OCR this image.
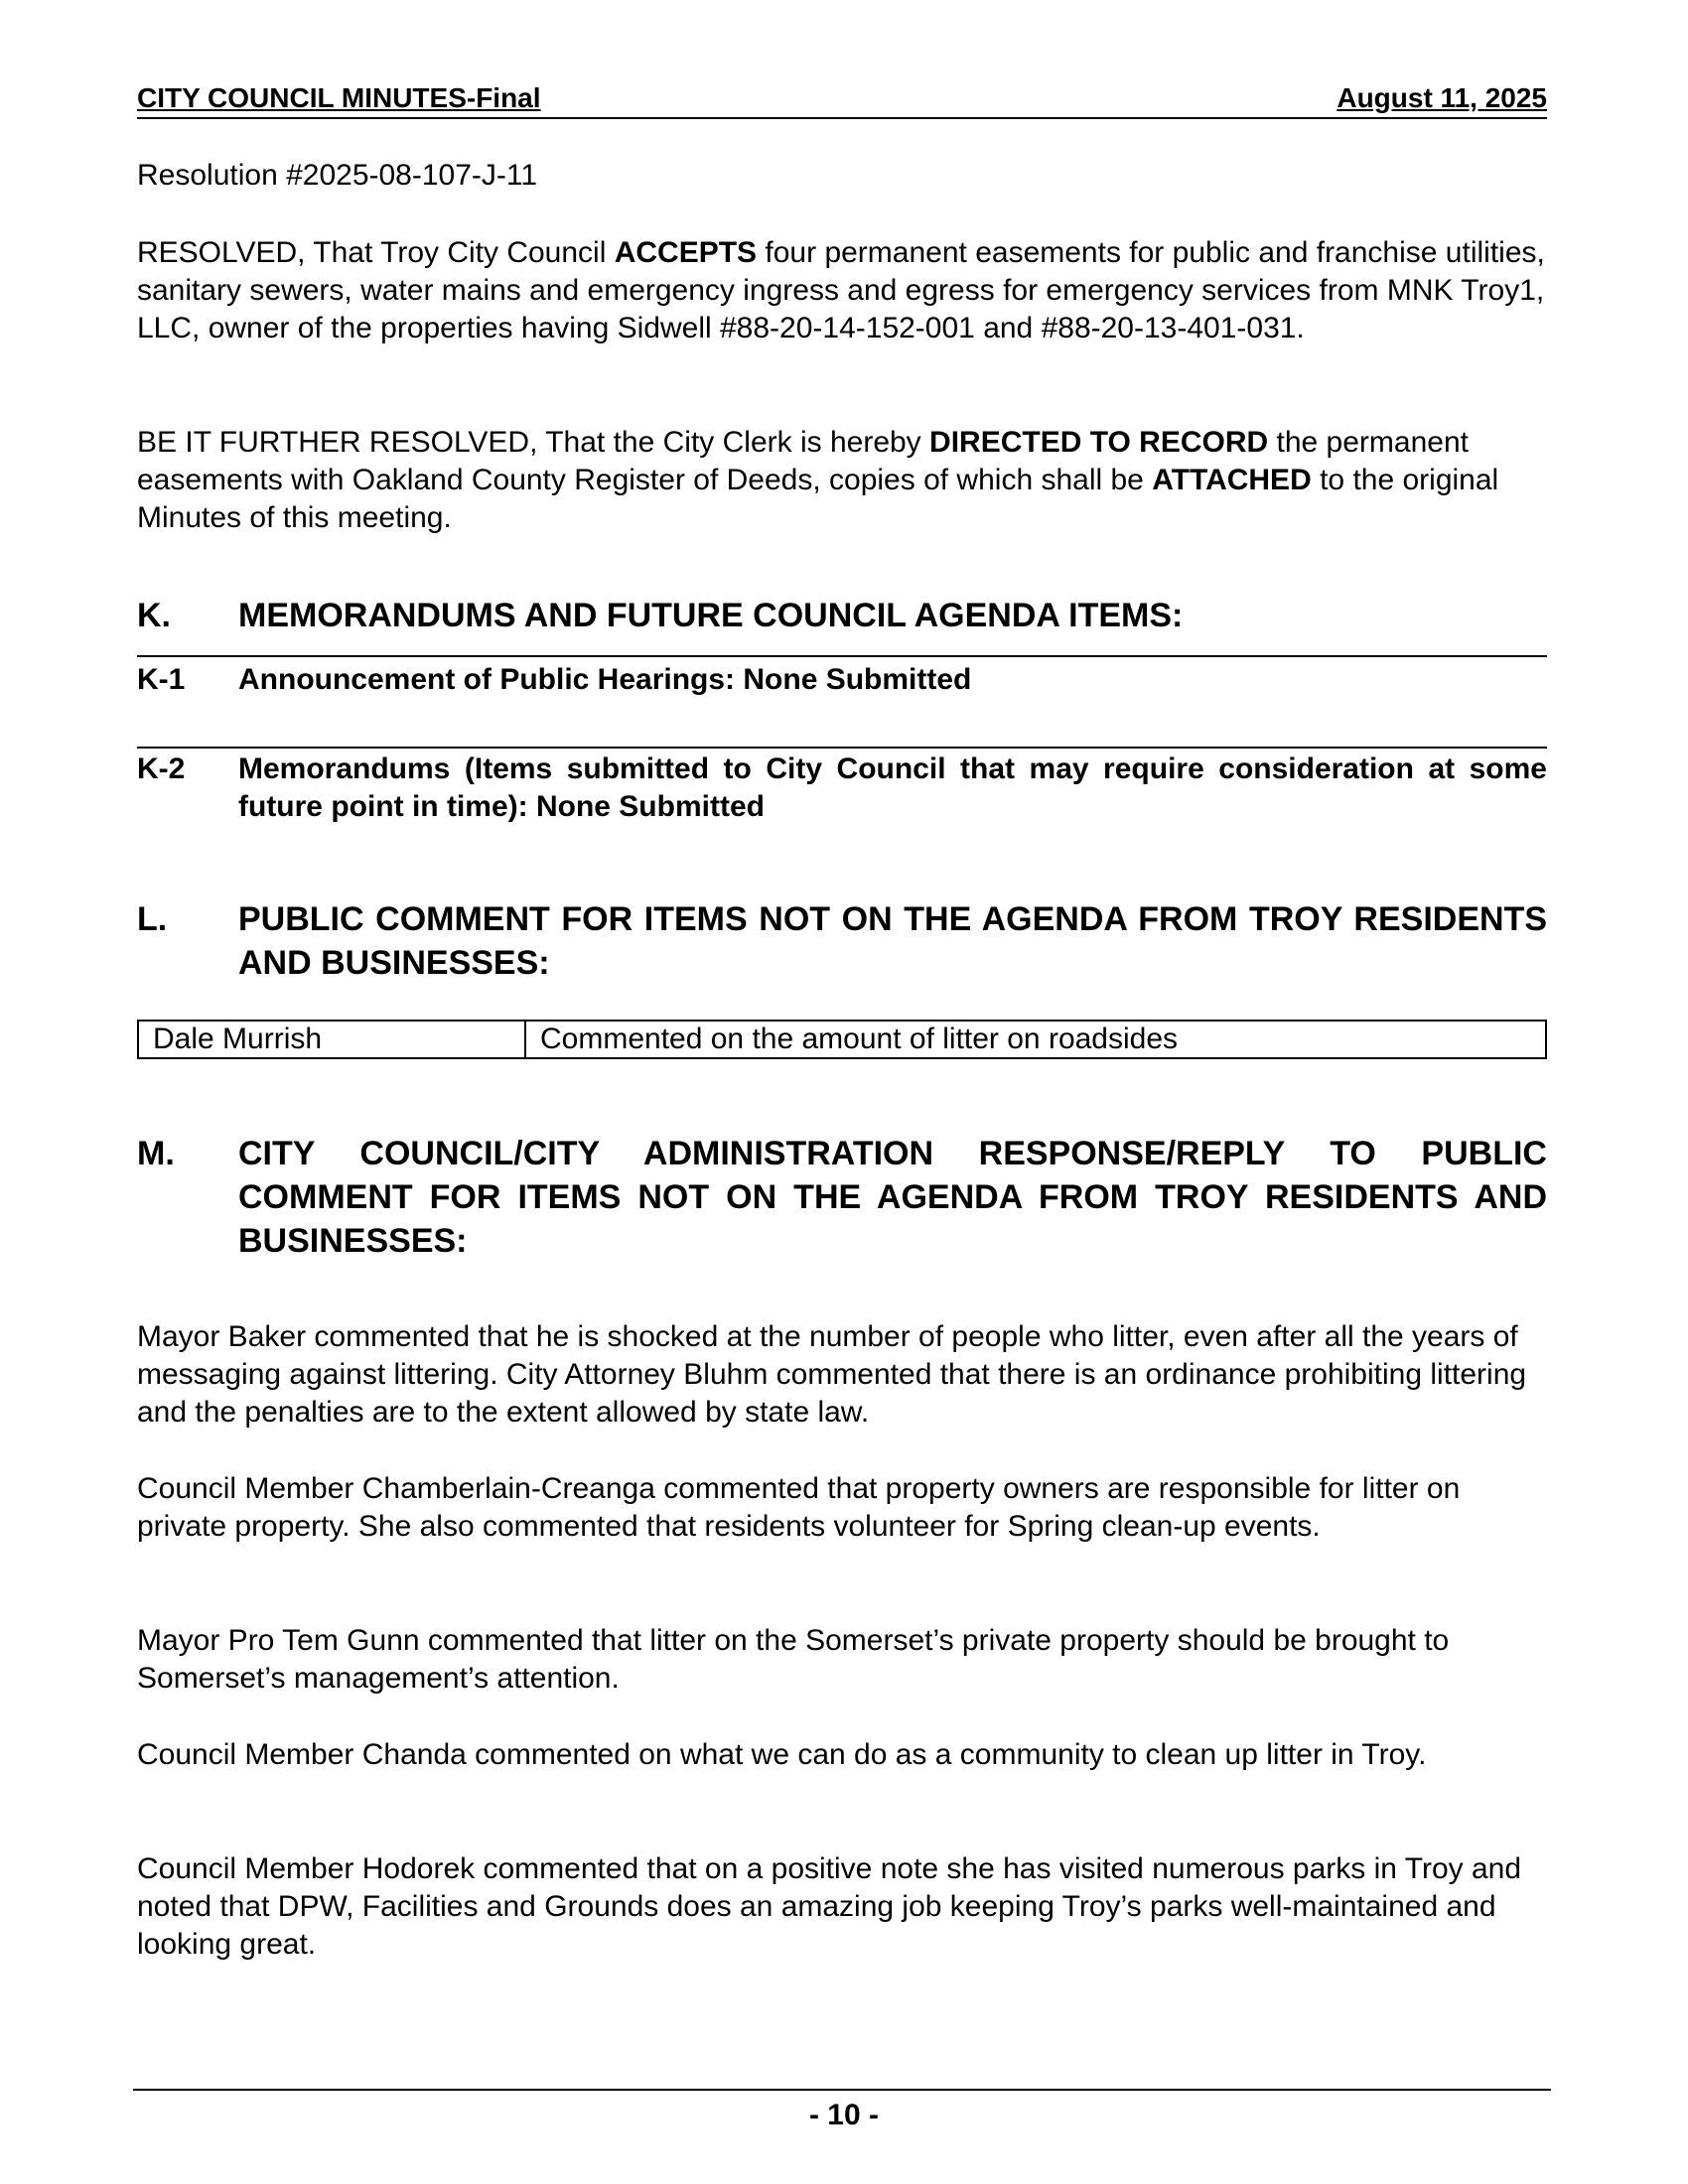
CITY COUNCIL MINUTES-Final	August 11, 2025
Resolution #2025-08-107-J-11
RESOLVED, That Troy City Council ACCEPTS four permanent easements for public and franchise utilities, sanitary sewers, water mains and emergency ingress and egress for emergency services from MNK Troy1, LLC, owner of the properties having Sidwell #88-20-14-152-001 and #88-20-13-401-031.
BE IT FURTHER RESOLVED, That the City Clerk is hereby DIRECTED TO RECORD the permanent easements with Oakland County Register of Deeds, copies of which shall be ATTACHED to the original Minutes of this meeting.
K. MEMORANDUMS AND FUTURE COUNCIL AGENDA ITEMS:
K-1 Announcement of Public Hearings: None Submitted
K-2 Memorandums (Items submitted to City Council that may require consideration at some future point in time): None Submitted
L. PUBLIC COMMENT FOR ITEMS NOT ON THE AGENDA FROM TROY RESIDENTS AND BUSINESSES:
Dale Murrish	Commented on the amount of litter on roadsides
M. CITY COUNCIL/CITY ADMINISTRATION RESPONSE/REPLY TO PUBLIC COMMENT FOR ITEMS NOT ON THE AGENDA FROM TROY RESIDENTS AND BUSINESSES:
Mayor Baker commented that he is shocked at the number of people who litter, even after all the years of messaging against littering. City Attorney Bluhm commented that there is an ordinance prohibiting littering and the penalties are to the extent allowed by state law.
Council Member Chamberlain-Creanga commented that property owners are responsible for litter on private property. She also commented that residents volunteer for Spring clean-up events.
Mayor Pro Tem Gunn commented that litter on the Somerset’s private property should be brought to Somerset’s management’s attention.
Council Member Chanda commented on what we can do as a community to clean up litter in Troy.
Council Member Hodorek commented that on a positive note she has visited numerous parks in Troy and noted that DPW, Facilities and Grounds does an amazing job keeping Troy’s parks well-maintained and looking great.
- 10 -
